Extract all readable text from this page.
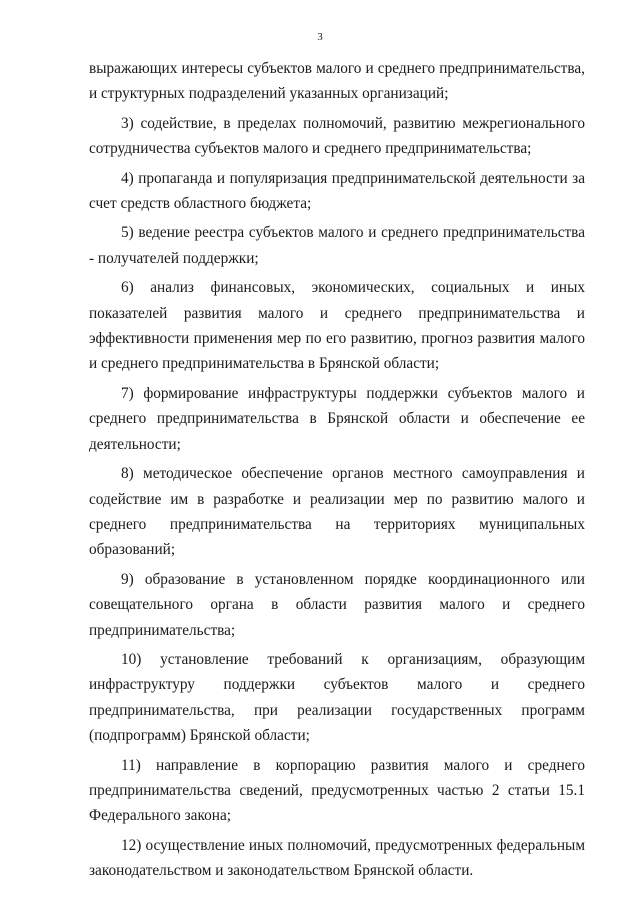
3

выражающих интересы субъектов малого и среднего предпринимательства, и структурных подразделений указанных организаций;

3) содействие, в пределах полномочий, развитию межрегионального сотрудничества субъектов малого и среднего предпринимательства;

4) пропаганда и популяризация предпринимательской деятельности за счет средств областного бюджета;

5) ведение реестра субъектов малого и среднего предпринимательства - получателей поддержки;

6) анализ финансовых, экономических, социальных и иных показателей развития малого и среднего предпринимательства и эффективности применения мер по его развитию, прогноз развития малого и среднего предпринимательства в Брянской области;

7) формирование инфраструктуры поддержки субъектов малого и среднего предпринимательства в Брянской области и обеспечение ее деятельности;

8) методическое обеспечение органов местного самоуправления и содействие им в разработке и реализации мер по развитию малого и среднего предпринимательства на территориях муниципальных образований;

9) образование в установленном порядке координационного или совещательного органа в области развития малого и среднего предпринимательства;

10) установление требований к организациям, образующим инфраструктуру поддержки субъектов малого и среднего предпринимательства, при реализации государственных программ (подпрограмм) Брянской области;

11) направление в корпорацию развития малого и среднего предпринимательства сведений, предусмотренных частью 2 статьи 15.1 Федерального закона;

12) осуществление иных полномочий, предусмотренных федеральным законодательством и законодательством Брянской области.
